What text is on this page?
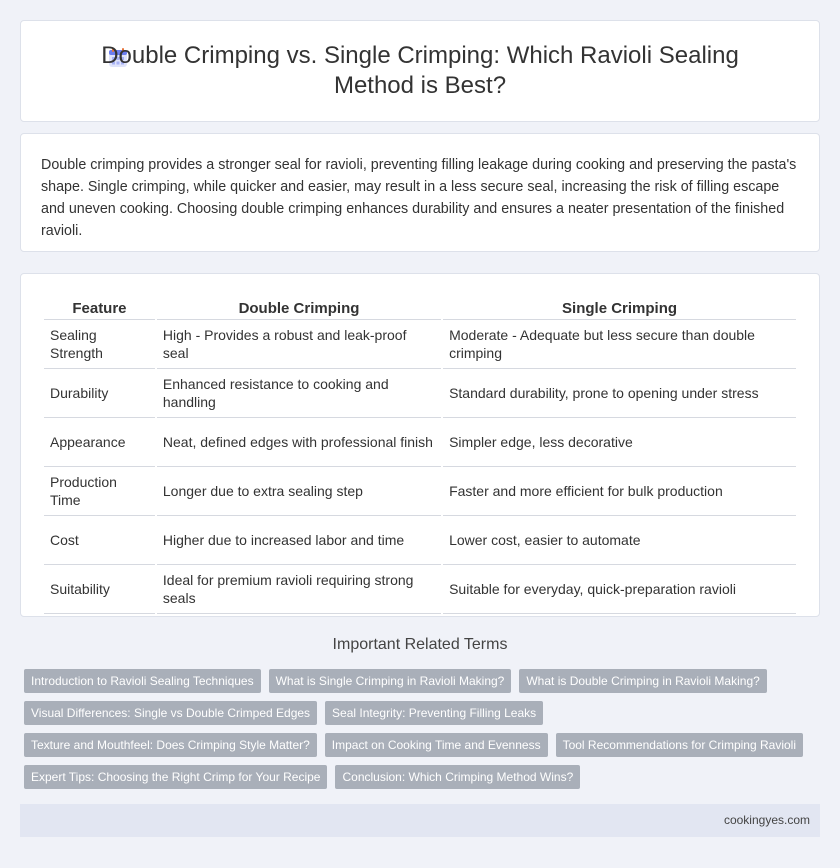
Double Crimping vs. Single Crimping: Which Ravioli Sealing Method is Best?

Double crimping provides a stronger seal for ravioli, preventing filling leakage during cooking and preserving the pasta's shape. Single crimping, while quicker and easier, may result in a less secure seal, increasing the risk of filling escape and uneven cooking. Choosing double crimping enhances durability and ensures a neater presentation of the finished ravioli.

Feature	Double Crimping	Single Crimping
Sealing Strength	High - Provides a robust and leak-proof seal	Moderate - Adequate but less secure than double crimping
Durability	Enhanced resistance to cooking and handling	Standard durability, prone to opening under stress
Appearance	Neat, defined edges with professional finish	Simpler edge, less decorative
Production Time	Longer due to extra sealing step	Faster and more efficient for bulk production
Cost	Higher due to increased labor and time	Lower cost, easier to automate
Suitability	Ideal for premium ravioli requiring strong seals	Suitable for everyday, quick-preparation ravioli
Important Related Terms
Introduction to Ravioli Sealing Techniques	What is Single Crimping in Ravioli Making?	What is Double Crimping in Ravioli Making?
Visual Differences: Single vs Double Crimped Edges	Seal Integrity: Preventing Filling Leaks
Texture and Mouthfeel: Does Crimping Style Matter?	Impact on Cooking Time and Evenness	Tool Recommendations for Crimping Ravioli
Expert Tips: Choosing the Right Crimp for Your Recipe	Conclusion: Which Crimping Method Wins?
cookingyes.com
